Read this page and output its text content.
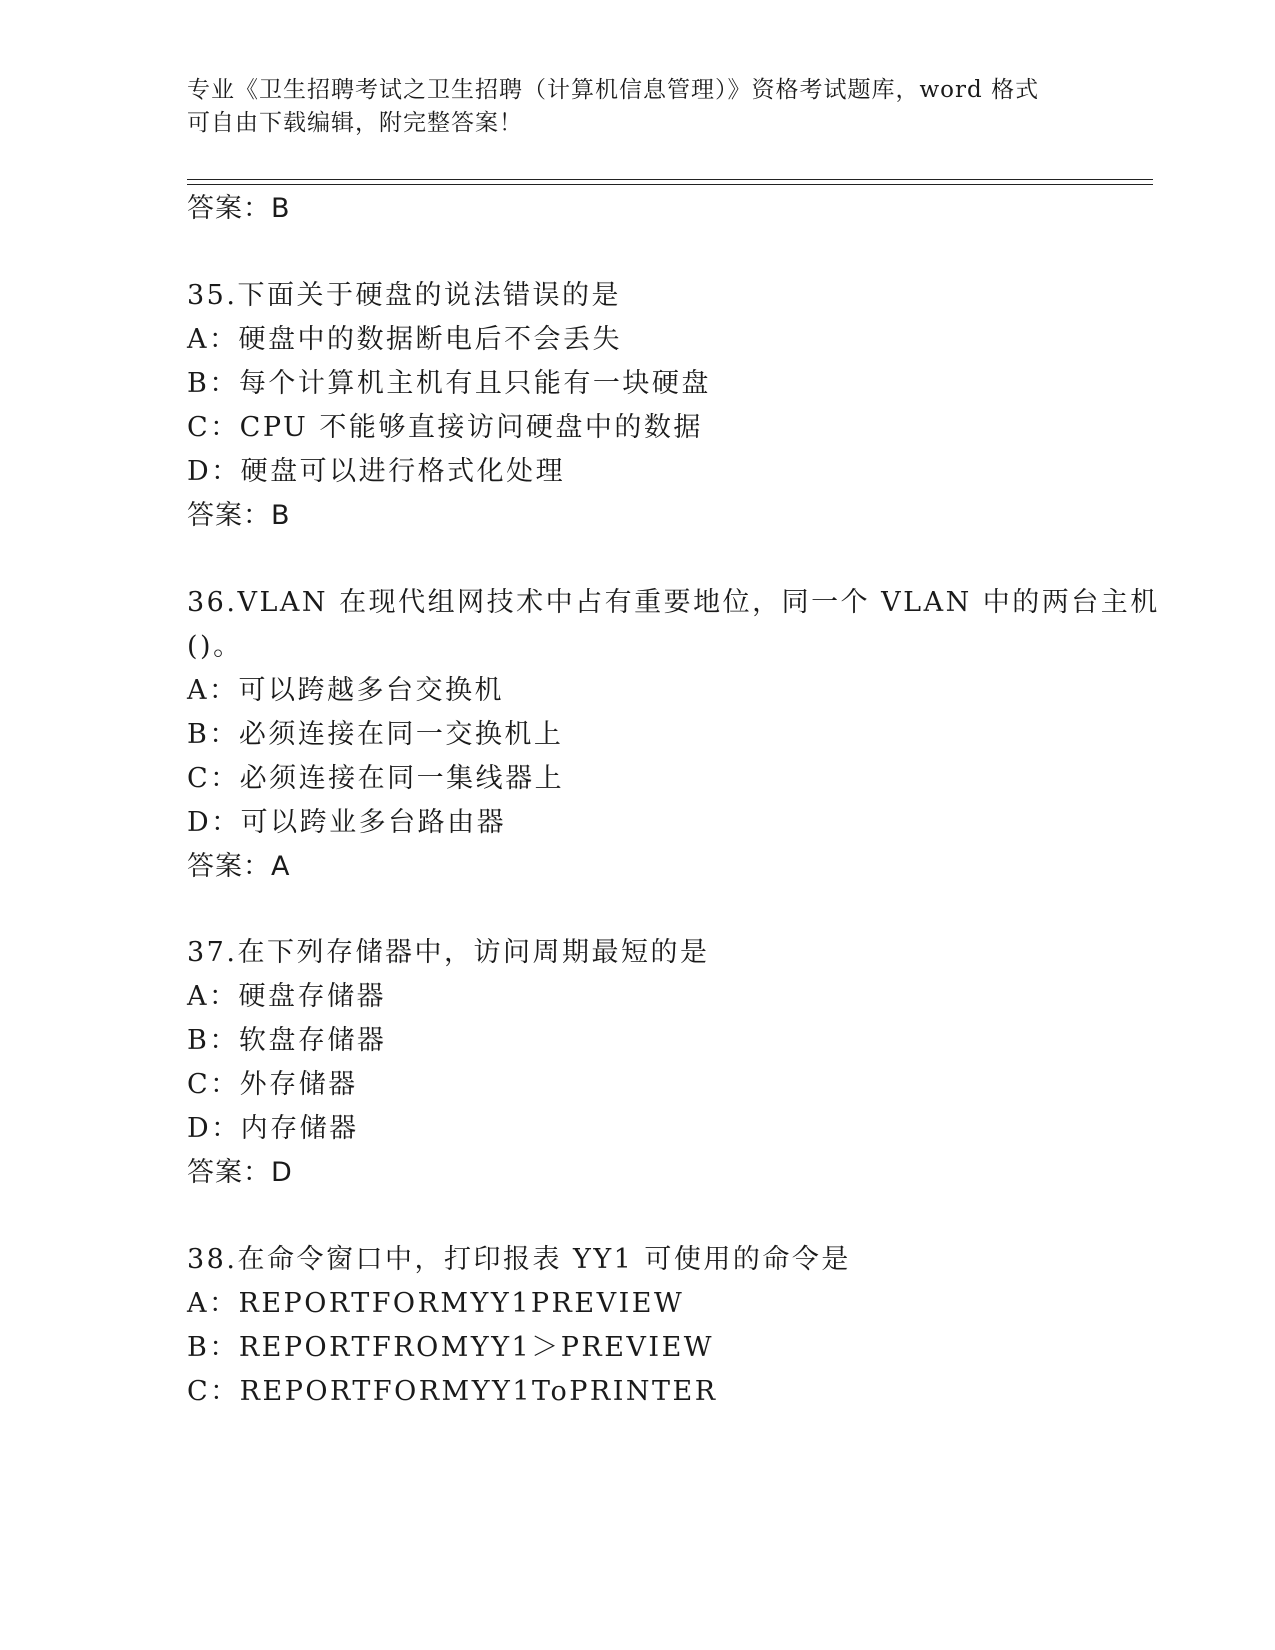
专业《卫生招聘考试之卫生招聘（计算机信息管理）》资格考试题库，word 格式
可自由下载编辑，附完整答案！
答案：B
35.下面关于硬盘的说法错误的是
A：硬盘中的数据断电后不会丢失
B：每个计算机主机有且只能有一块硬盘
C：CPU 不能够直接访问硬盘中的数据
D：硬盘可以进行格式化处理
答案：B
36.VLAN 在现代组网技术中占有重要地位，同一个 VLAN 中的两台主机
()。
A：可以跨越多台交换机
B：必须连接在同一交换机上
C：必须连接在同一集线器上
D：可以跨业多台路由器
答案：A
37.在下列存储器中，访问周期最短的是
A：硬盘存储器
B：软盘存储器
C：外存储器
D：内存储器
答案：D
38.在命令窗口中，打印报表 YY1 可使用的命令是
A：REPORTFORMYY1PREVIEW
B：REPORTFROMYY1＞PREVIEW
C：REPORTFORMYY1ToPRINTER
